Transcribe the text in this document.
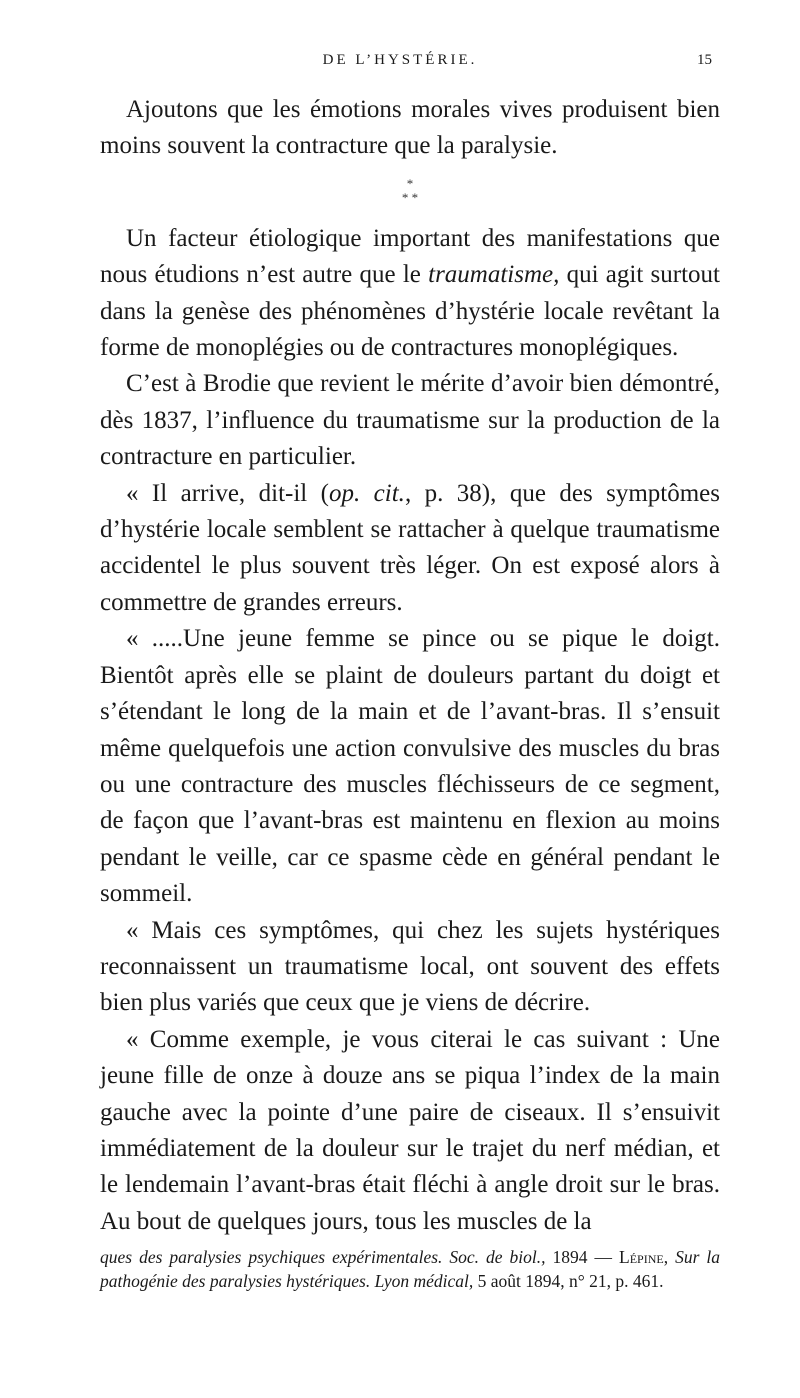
DE L’HYSTÉRIE.	15

Ajoutons que les émotions morales vives produisent bien moins souvent la contracture que la paralysie.

*
* *

Un facteur étiologique important des manifestations que nous étudions n’est autre que le traumatisme, qui agit surtout dans la genèse des phénomènes d’hystérie locale revêtant la forme de monoplégies ou de contractures monoplégiques.

C’est à Brodie que revient le mérite d’avoir bien démontré, dès 1837, l’influence du traumatisme sur la production de la contracture en particulier.

« Il arrive, dit-il (op. cit., p. 38), que des symptômes d’hystérie locale semblent se rattacher à quelque traumatisme accidentel le plus souvent très léger. On est exposé alors à commettre de grandes erreurs.

« .....Une jeune femme se pince ou se pique le doigt. Bientôt après elle se plaint de douleurs partant du doigt et s’étendant le long de la main et de l’avant-bras. Il s’ensuit même quelquefois une action convulsive des muscles du bras ou une contracture des muscles fléchisseurs de ce segment, de façon que l’avant-bras est maintenu en flexion au moins pendant le veille, car ce spasme cède en général pendant le sommeil.

« Mais ces symptômes, qui chez les sujets hystériques reconnaissent un traumatisme local, ont souvent des effets bien plus variés que ceux que je viens de décrire.

« Comme exemple, je vous citerai le cas suivant : Une jeune fille de onze à douze ans se piqua l’index de la main gauche avec la pointe d’une paire de ciseaux. Il s’ensuivit immédiatement de la douleur sur le trajet du nerf médian, et le lendemain l’avant-bras était fléchi à angle droit sur le bras. Au bout de quelques jours, tous les muscles de la

ques des paralysies psychiques expérimentales. Soc. de biol., 1894 — Lépine, Sur la pathogénie des paralysies hystériques. Lyon médical, 5 août 1894, n° 21, p. 461.
